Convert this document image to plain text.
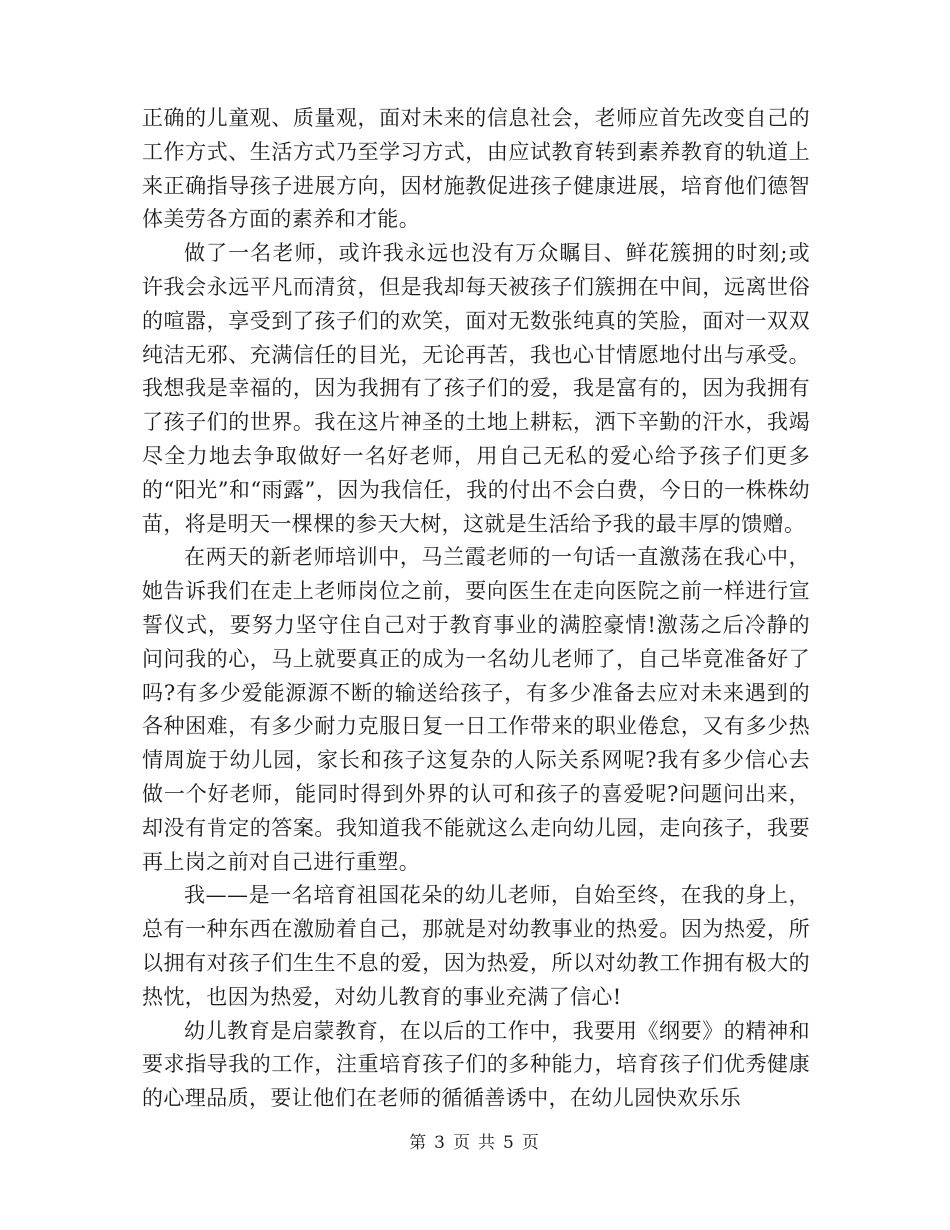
正确的儿童观、质量观，面对未来的信息社会，老师应首先改变自己的工作方式、生活方式乃至学习方式，由应试教育转到素养教育的轨道上来正确指导孩子进展方向，因材施教促进孩子健康进展，培育他们德智体美劳各方面的素养和才能。

做了一名老师，或许我永远也没有万众瞩目、鲜花簇拥的时刻;或许我会永远平凡而清贫，但是我却每天被孩子们簇拥在中间，远离世俗的喧嚣，享受到了孩子们的欢笑，面对无数张纯真的笑脸，面对一双双纯洁无邪、充满信任的目光，无论再苦，我也心甘情愿地付出与承受。我想我是幸福的，因为我拥有了孩子们的爱，我是富有的，因为我拥有了孩子们的世界。我在这片神圣的土地上耕耘，洒下辛勤的汗水，我竭尽全力地去争取做好一名好老师，用自己无私的爱心给予孩子们更多的“阳光”和“雨露”，因为我信任，我的付出不会白费，今日的一株株幼苗，将是明天一棵棵的参天大树，这就是生活给予我的最丰厚的馈赠。

在两天的新老师培训中，马兰霞老师的一句话一直激荡在我心中，她告诉我们在走上老师岗位之前，要向医生在走向医院之前一样进行宣誓仪式，要努力坚守住自己对于教育事业的满腔豪情!激荡之后冷静的问问我的心，马上就要真正的成为一名幼儿老师了，自己毕竟准备好了吗?有多少爱能源源不断的输送给孩子，有多少准备去应对未来遇到的各种困难，有多少耐力克服日复一日工作带来的职业倦怠，又有多少热情周旋于幼儿园，家长和孩子这复杂的人际关系网呢?我有多少信心去做一个好老师，能同时得到外界的认可和孩子的喜爱呢?问题问出来，却没有肯定的答案。我知道我不能就这么走向幼儿园，走向孩子，我要再上岗之前对自己进行重塑。

我——是一名培育祖国花朵的幼儿老师，自始至终，在我的身上，总有一种东西在激励着自己，那就是对幼教事业的热爱。因为热爱，所以拥有对孩子们生生不息的爱，因为热爱，所以对幼教工作拥有极大的热忱，也因为热爱，对幼儿教育的事业充满了信心!

幼儿教育是启蒙教育，在以后的工作中，我要用《纲要》的精神和要求指导我的工作，注重培育孩子们的多种能力，培育孩子们优秀健康的心理品质，要让他们在老师的循循善诱中，在幼儿园快欢乐乐

第 3 页 共 5 页
